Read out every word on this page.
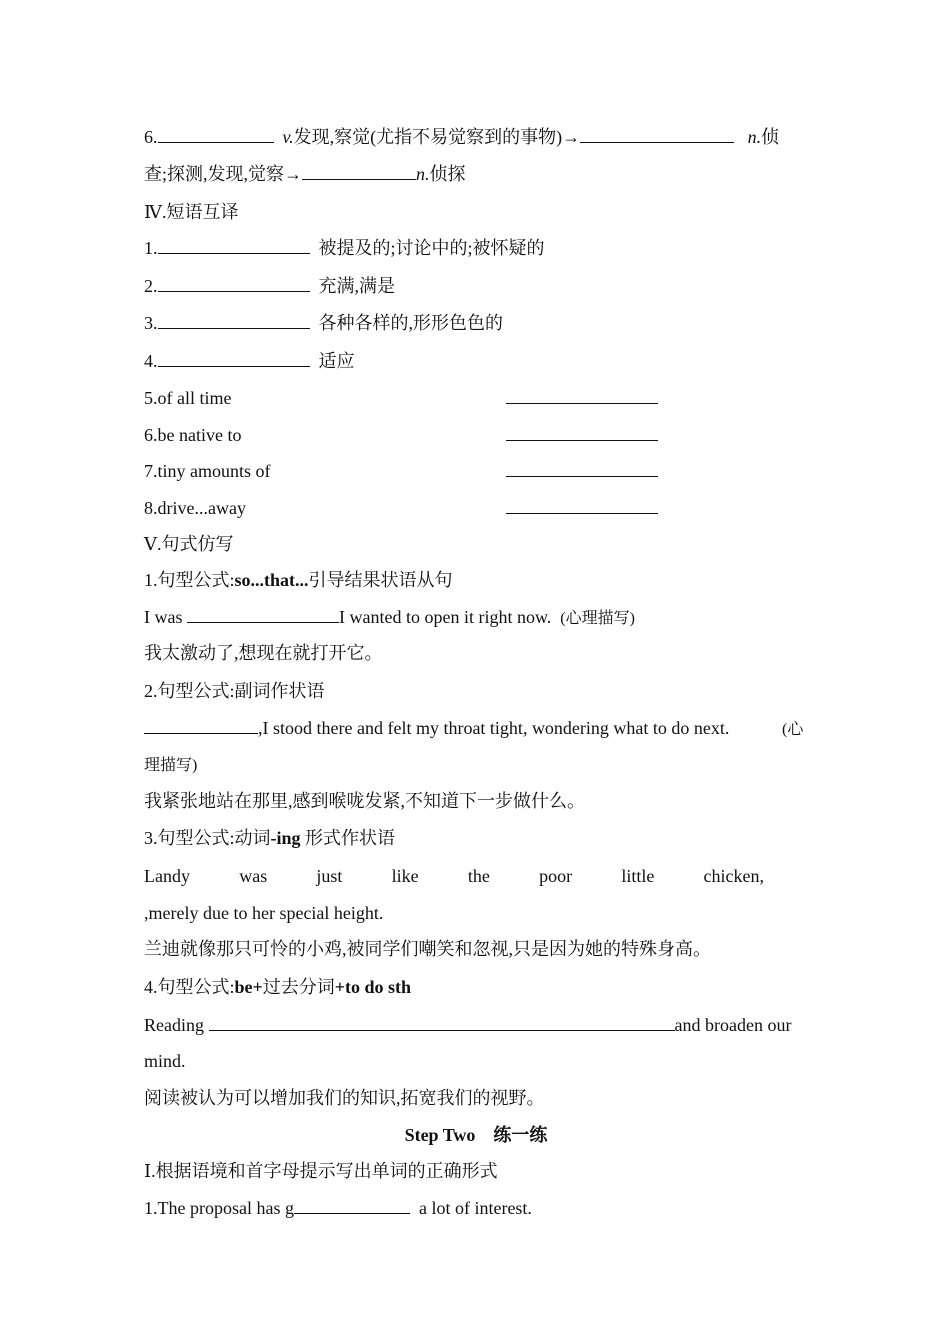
6.	v.发现,察觉(尤指不易觉察到的事物)→	n.侦
查;探测,发现,觉察→	n.侦探
Ⅳ.短语互译
1.	被提及的;讨论中的;被怀疑的
2.	充满,满是
3.	各种各样的,形形色色的
4.	适应
5.of all time
6.be native to
7.tiny amounts of
8.drive...away
Ⅴ.句式仿写
1.句型公式:so...that...引导结果状语从句
I was	I wanted to open it right now. (心理描写)
我太激动了,想现在就打开它。
2.句型公式:副词作状语
,I stood there and felt my throat tight, wondering what to do next.	(心
理描写)
我紧张地站在那里,感到喉咙发紧,不知道下一步做什么。
3.句型公式:动词-ing 形式作状语
Landy	was	just	like	the	poor	little	chicken,
,merely due to her special height.
兰迪就像那只可怜的小鸡,被同学们嘲笑和忽视,只是因为她的特殊身高。
4.句型公式:be+过去分词+to do sth
Reading	and broaden our
mind.
阅读被认为可以增加我们的知识,拓宽我们的视野。
Step Two    练一练
Ⅰ.根据语境和首字母提示写出单词的正确形式
1.The proposal has g	a lot of interest.
